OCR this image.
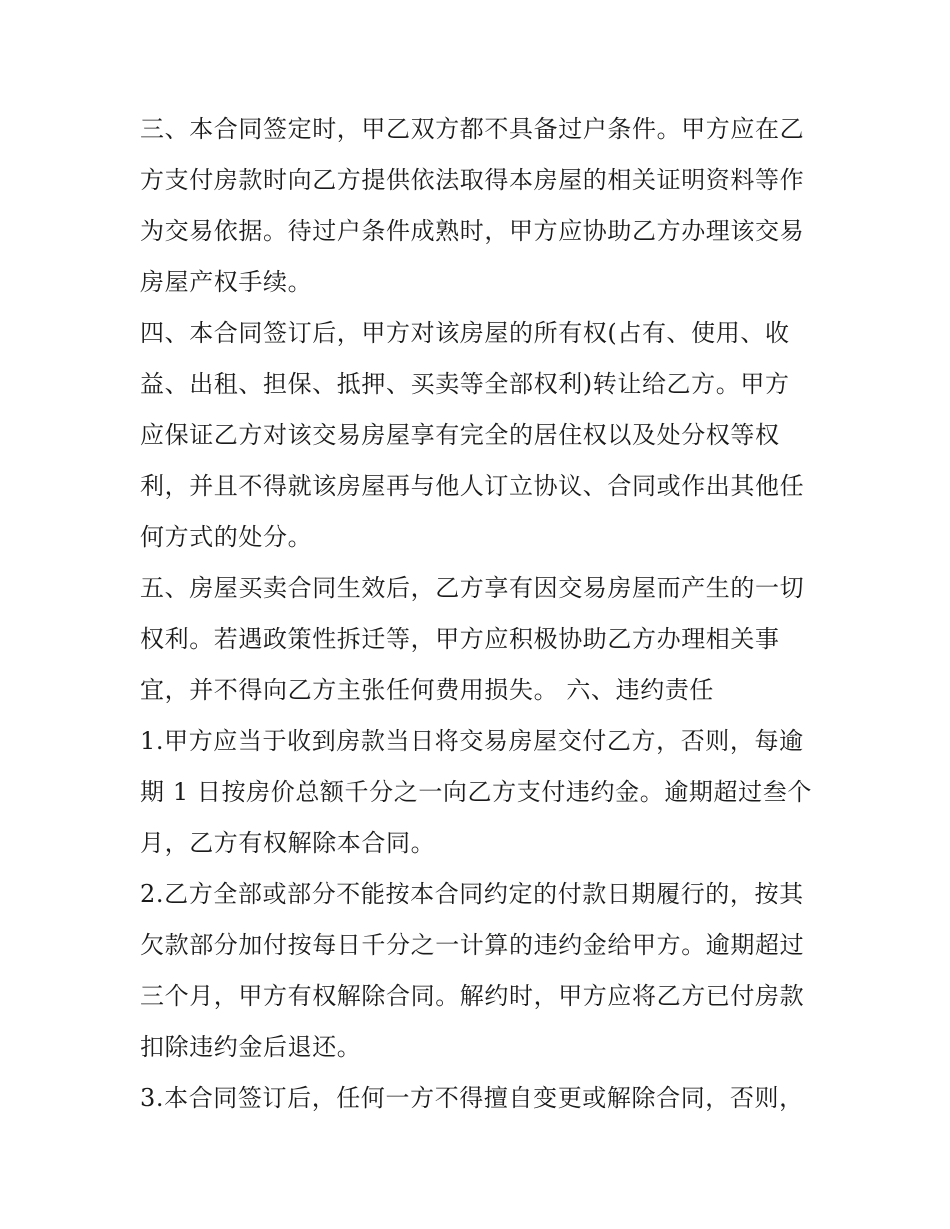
三、本合同签定时，甲乙双方都不具备过户条件。甲方应在乙
方支付房款时向乙方提供依法取得本房屋的相关证明资料等作
为交易依据。待过户条件成熟时，甲方应协助乙方办理该交易
房屋产权手续。
四、本合同签订后，甲方对该房屋的所有权(占有、使用、收
益、出租、担保、抵押、买卖等全部权利)转让给乙方。甲方
应保证乙方对该交易房屋享有完全的居住权以及处分权等权
利，并且不得就该房屋再与他人订立协议、合同或作出其他任
何方式的处分。
五、房屋买卖合同生效后，乙方享有因交易房屋而产生的一切
权利。若遇政策性拆迁等，甲方应积极协助乙方办理相关事
宜，并不得向乙方主张任何费用损失。 六、违约责任
1.甲方应当于收到房款当日将交易房屋交付乙方，否则，每逾
期 1 日按房价总额千分之一向乙方支付违约金。逾期超过叁个
月，乙方有权解除本合同。
2.乙方全部或部分不能按本合同约定的付款日期履行的，按其
欠款部分加付按每日千分之一计算的违约金给甲方。逾期超过
三个月，甲方有权解除合同。解约时，甲方应将乙方已付房款
扣除违约金后退还。
3.本合同签订后，任何一方不得擅自变更或解除合同，否则，
